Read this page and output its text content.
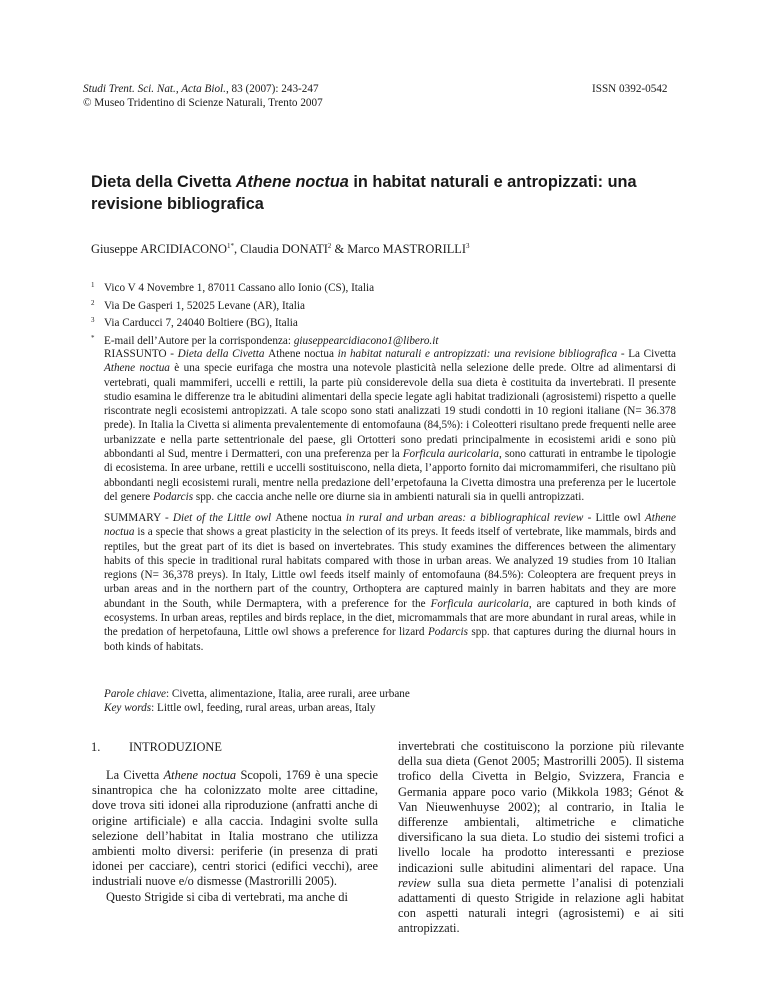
Studi Trent. Sci. Nat., Acta Biol., 83 (2007): 243-247
© Museo Tridentino di Scienze Naturali, Trento 2007
ISSN 0392-0542
Dieta della Civetta Athene noctua in habitat naturali e antropizzati: una revisione bibliografica
Giuseppe $ARCIDIACONO^{1*}$, Claudia DONATI$^2$ & Marco MASTRORILLI$^3$
1 Vico V 4 Novembre 1, 87011 Cassano allo Ionio (CS), Italia
2 Via De Gasperi 1, 52025 Levane (AR), Italia
3 Via Carducci 7, 24040 Boltiere (BG), Italia
* E-mail dell’Autore per la corrispondenza: giuseppearcidiacono1@libero.it

RIASSUNTO - Dieta della Civetta Athene noctua in habitat naturali e antropizzati: una revisione bibliografica - La Civetta Athene noctua è una specie eurifaga che mostra una notevole plasticità nella selezione delle prede. Oltre ad alimentarsi di vertebrati, quali mammiferi, uccelli e rettili, la parte più considerevole della sua dieta è costituita da invertebrati. Il presente studio esamina le differenze tra le abitudini alimentari della specie legate agli habitat tradizionali (agrosistemi) rispetto a quelle riscontrate negli ecosistemi antropizzati. A tale scopo sono stati analizzati 19 studi condotti in 10 regioni italiane (N= 36.378 prede). In Italia la Civetta si alimenta prevalentemente di entomofauna (84,5%): i Coleotteri risultano prede frequenti nelle aree urbanizzate e nella parte settentrionale del paese, gli Ortotteri sono predati principalmente in ecosistemi aridi e sono più abbondanti al Sud, mentre i Dermatteri, con una preferenza per la Forficula auricolaria, sono catturati in entrambe le tipologie di ecosistema. In aree urbane, rettili e uccelli sostituiscono, nella dieta, l’apporto fornito dai micromammiferi, che risultano più abbondanti negli ecosistemi rurali, mentre nella predazione dell’erpetofauna la Civetta dimostra una preferenza per le lucertole del genere Podarcis spp. che caccia anche nelle ore diurne sia in ambienti naturali sia in quelli antropizzati.

SUMMARY - Diet of the Little owl Athene noctua in rural and urban areas: a bibliographical review - Little owl Athene noctua is a specie that shows a great plasticity in the selection of its preys. It feeds itself of vertebrate, like mammals, birds and reptiles, but the great part of its diet is based on invertebrates. This study examines the differences between the alimentary habits of this specie in traditional rural habitats compared with those in urban areas. We analyzed 19 studies from 10 Italian regions (N= 36,378 preys). In Italy, Little owl feeds itself mainly of entomofauna (84.5%): Coleoptera are frequent preys in urban areas and in the northern part of the country, Orthoptera are captured mainly in barren habitats and they are more abundant in the South, while Dermaptera, with a preference for the Forficula auricolaria, are captured in both kinds of ecosystems. In urban areas, reptiles and birds replace, in the diet, micromammals that are more abundant in rural areas, while in the predation of herpetofauna, Little owl shows a preference for lizard Podarcis spp. that captures during the diurnal hours in both kinds of habitats.

Parole chiave: Civetta, alimentazione, Italia, aree rurali, aree urbane
Key words: Little owl, feeding, rural areas, urban areas, Italy
1. INTRODUZIONE

La Civetta Athene noctua Scopoli, 1769 è una specie sinantropica che ha colonizzato molte aree cittadine, dove trova siti idonei alla riproduzione (anfratti anche di origine artificiale) e alla caccia. Indagini svolte sulla selezione dell’habitat in Italia mostrano che utilizza ambienti molto diversi: periferie (in presenza di prati idonei per cacciare), centri storici (edifici vecchi), aree industriali nuove e/o dismesse (Mastrorilli 2005).

Questo Strigide si ciba di vertebrati, ma anche di

invertebrati che costituiscono la porzione più rilevante della sua dieta (Genot 2005; Mastrorilli 2005). Il sistema trofico della Civetta in Belgio, Svizzera, Francia e Germania appare poco vario (Mikkola 1983; Génot & Van Nieuwenhuyse 2002); al contrario, in Italia le differenze ambientali, altimetriche e climatiche diversificano la sua dieta. Lo studio dei sistemi trofici a livello locale ha prodotto interessanti e preziose indicazioni sulle abitudini alimentari del rapace. Una review sulla sua dieta permette l’analisi di potenziali adattamenti di questo Strigide in relazione agli habitat con aspetti naturali integri (agrosistemi) e ai siti antropizzati.
